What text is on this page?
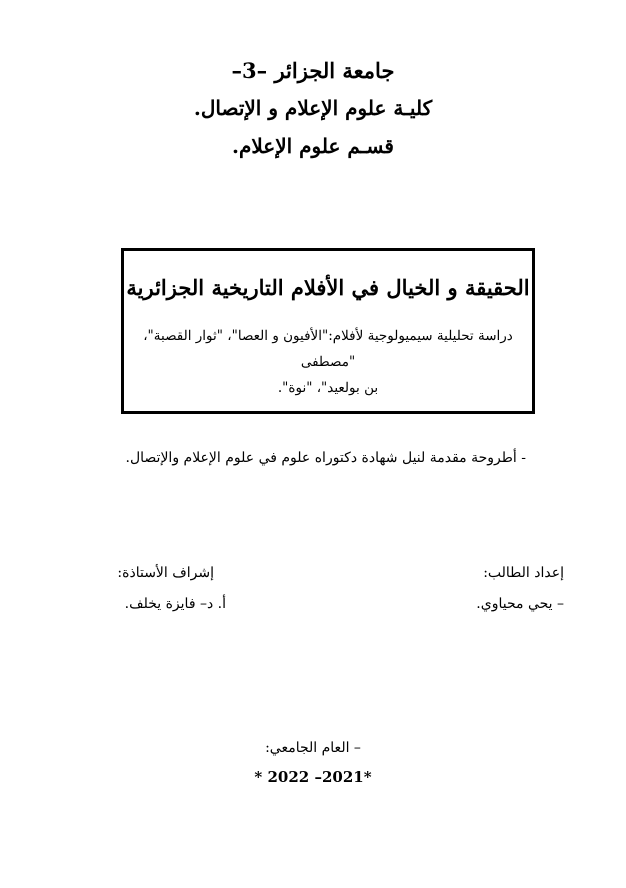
جامعة الجزائر –3–
كليـة علوم الإعلام و الإتصال.
قسـم علوم الإعلام.
الحقيقة و الخيال في الأفلام التاريخية الجزائرية
دراسة تحليلية سيميولوجية لأفلام:"الأفيون و العصا"، "ثوار القصبة"، "مصطفى
بن بولعيد"، "نوة".
- أطروحة مقدمة لنيل شهادة دكتوراه علوم في علوم الإعلام والإتصال.
إعداد الطالب:
– يحي محياوي.
إشراف الأستاذة:
أ. د– فايزة يخلف.
– العام الجامعي:
* 2022 –2021*
